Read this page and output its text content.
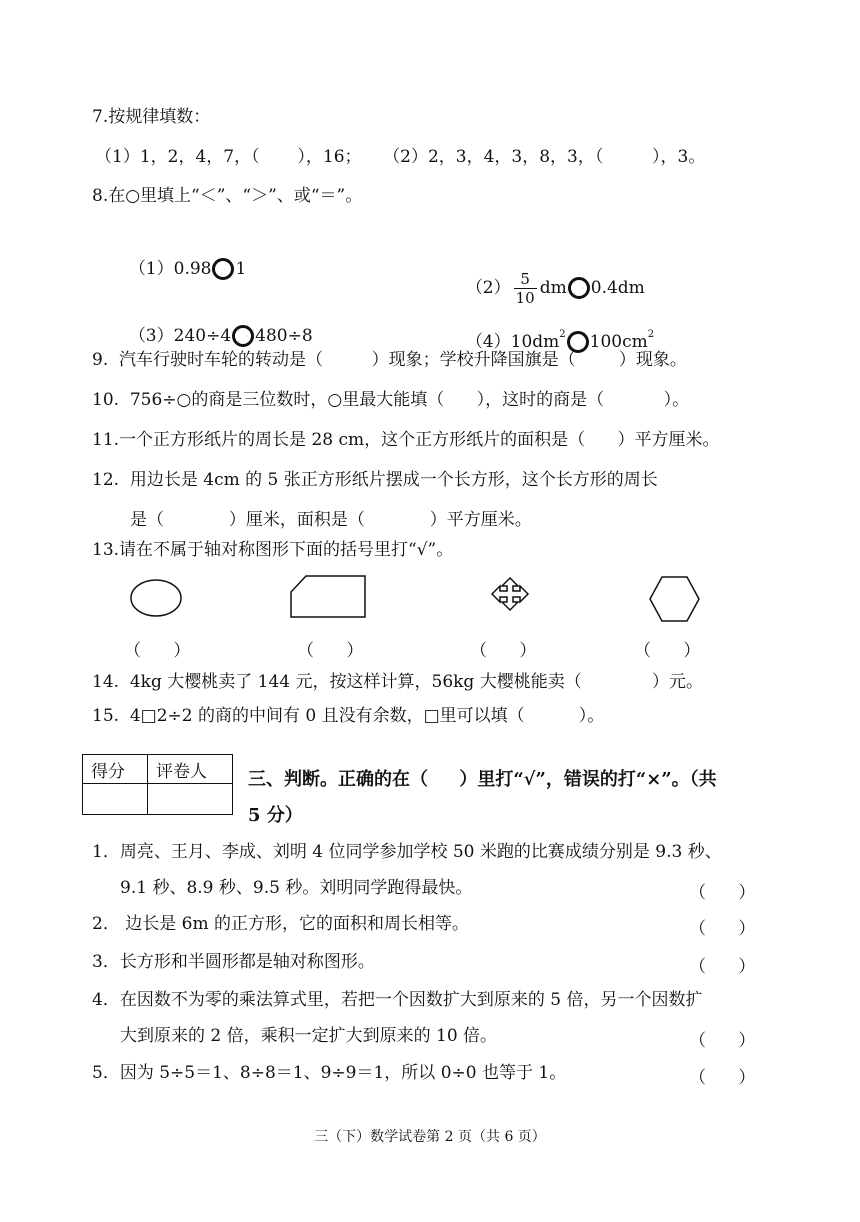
7.按规律填数：
（1）1，2，4，7，（       ），16；    （2）2，3，4，3，8，3，（         ），3。
8.在○里填上“＜”、“＞”、或“＝”。

（1）0.98 1

$(2) \frac{5}{10}$ dm 0.4dm

（3）240÷4 480÷8	$(4)10dm^2$ $100cm^2$

9.  汽车行驶时车轮的转动是（         ）现象；学校升降国旗是（        ）现象。
10.  756÷○的商是三位数时，○里最大能填（      ），这时的商是（           ）。
11.一个正方形纸片的周长是 28 cm，这个正方形纸片的面积是（      ）平方厘米。
12.  用边长是 4cm 的 5 张正方形纸片摆成一个长方形，这个长方形的周长
是（            ）厘米，面积是（            ）平方厘米。
13.请在不属于轴对称图形下面的括号里打“√”。
（      ）	（      ）	（      ）	（      ）
14.  4kg 大樱桃卖了 144 元，按这样计算，56kg 大樱桃能卖（             ）元。
15.  4□2÷2 的商的中间有 0 且没有余数，□里可以填（          ）。
得分	评卷人
	三、判断。正确的在（     ）里打“√”，错误的打“×”。（共
5 分）
1．周亮、王月、李成、刘明 4 位同学参加学校 50 米跑的比赛成绩分别是 9.3 秒、
9.1 秒、8.9 秒、9.5 秒。刘明同学跑得最快。	（      ）
2． 边长是 6m 的正方形，它的面积和周长相等。	（      ）
3．长方形和半圆形都是轴对称图形。	（      ）
4．在因数不为零的乘法算式里，若把一个因数扩大到原来的 5 倍，另一个因数扩
大到原来的 2 倍，乘积一定扩大到原来的 10 倍。	（      ）
5．因为 5÷5＝1、8÷8＝1、9÷9＝1，所以 0÷0 也等于 1。	（      ）
三（下）数学试卷第 2 页（共 6 页）
